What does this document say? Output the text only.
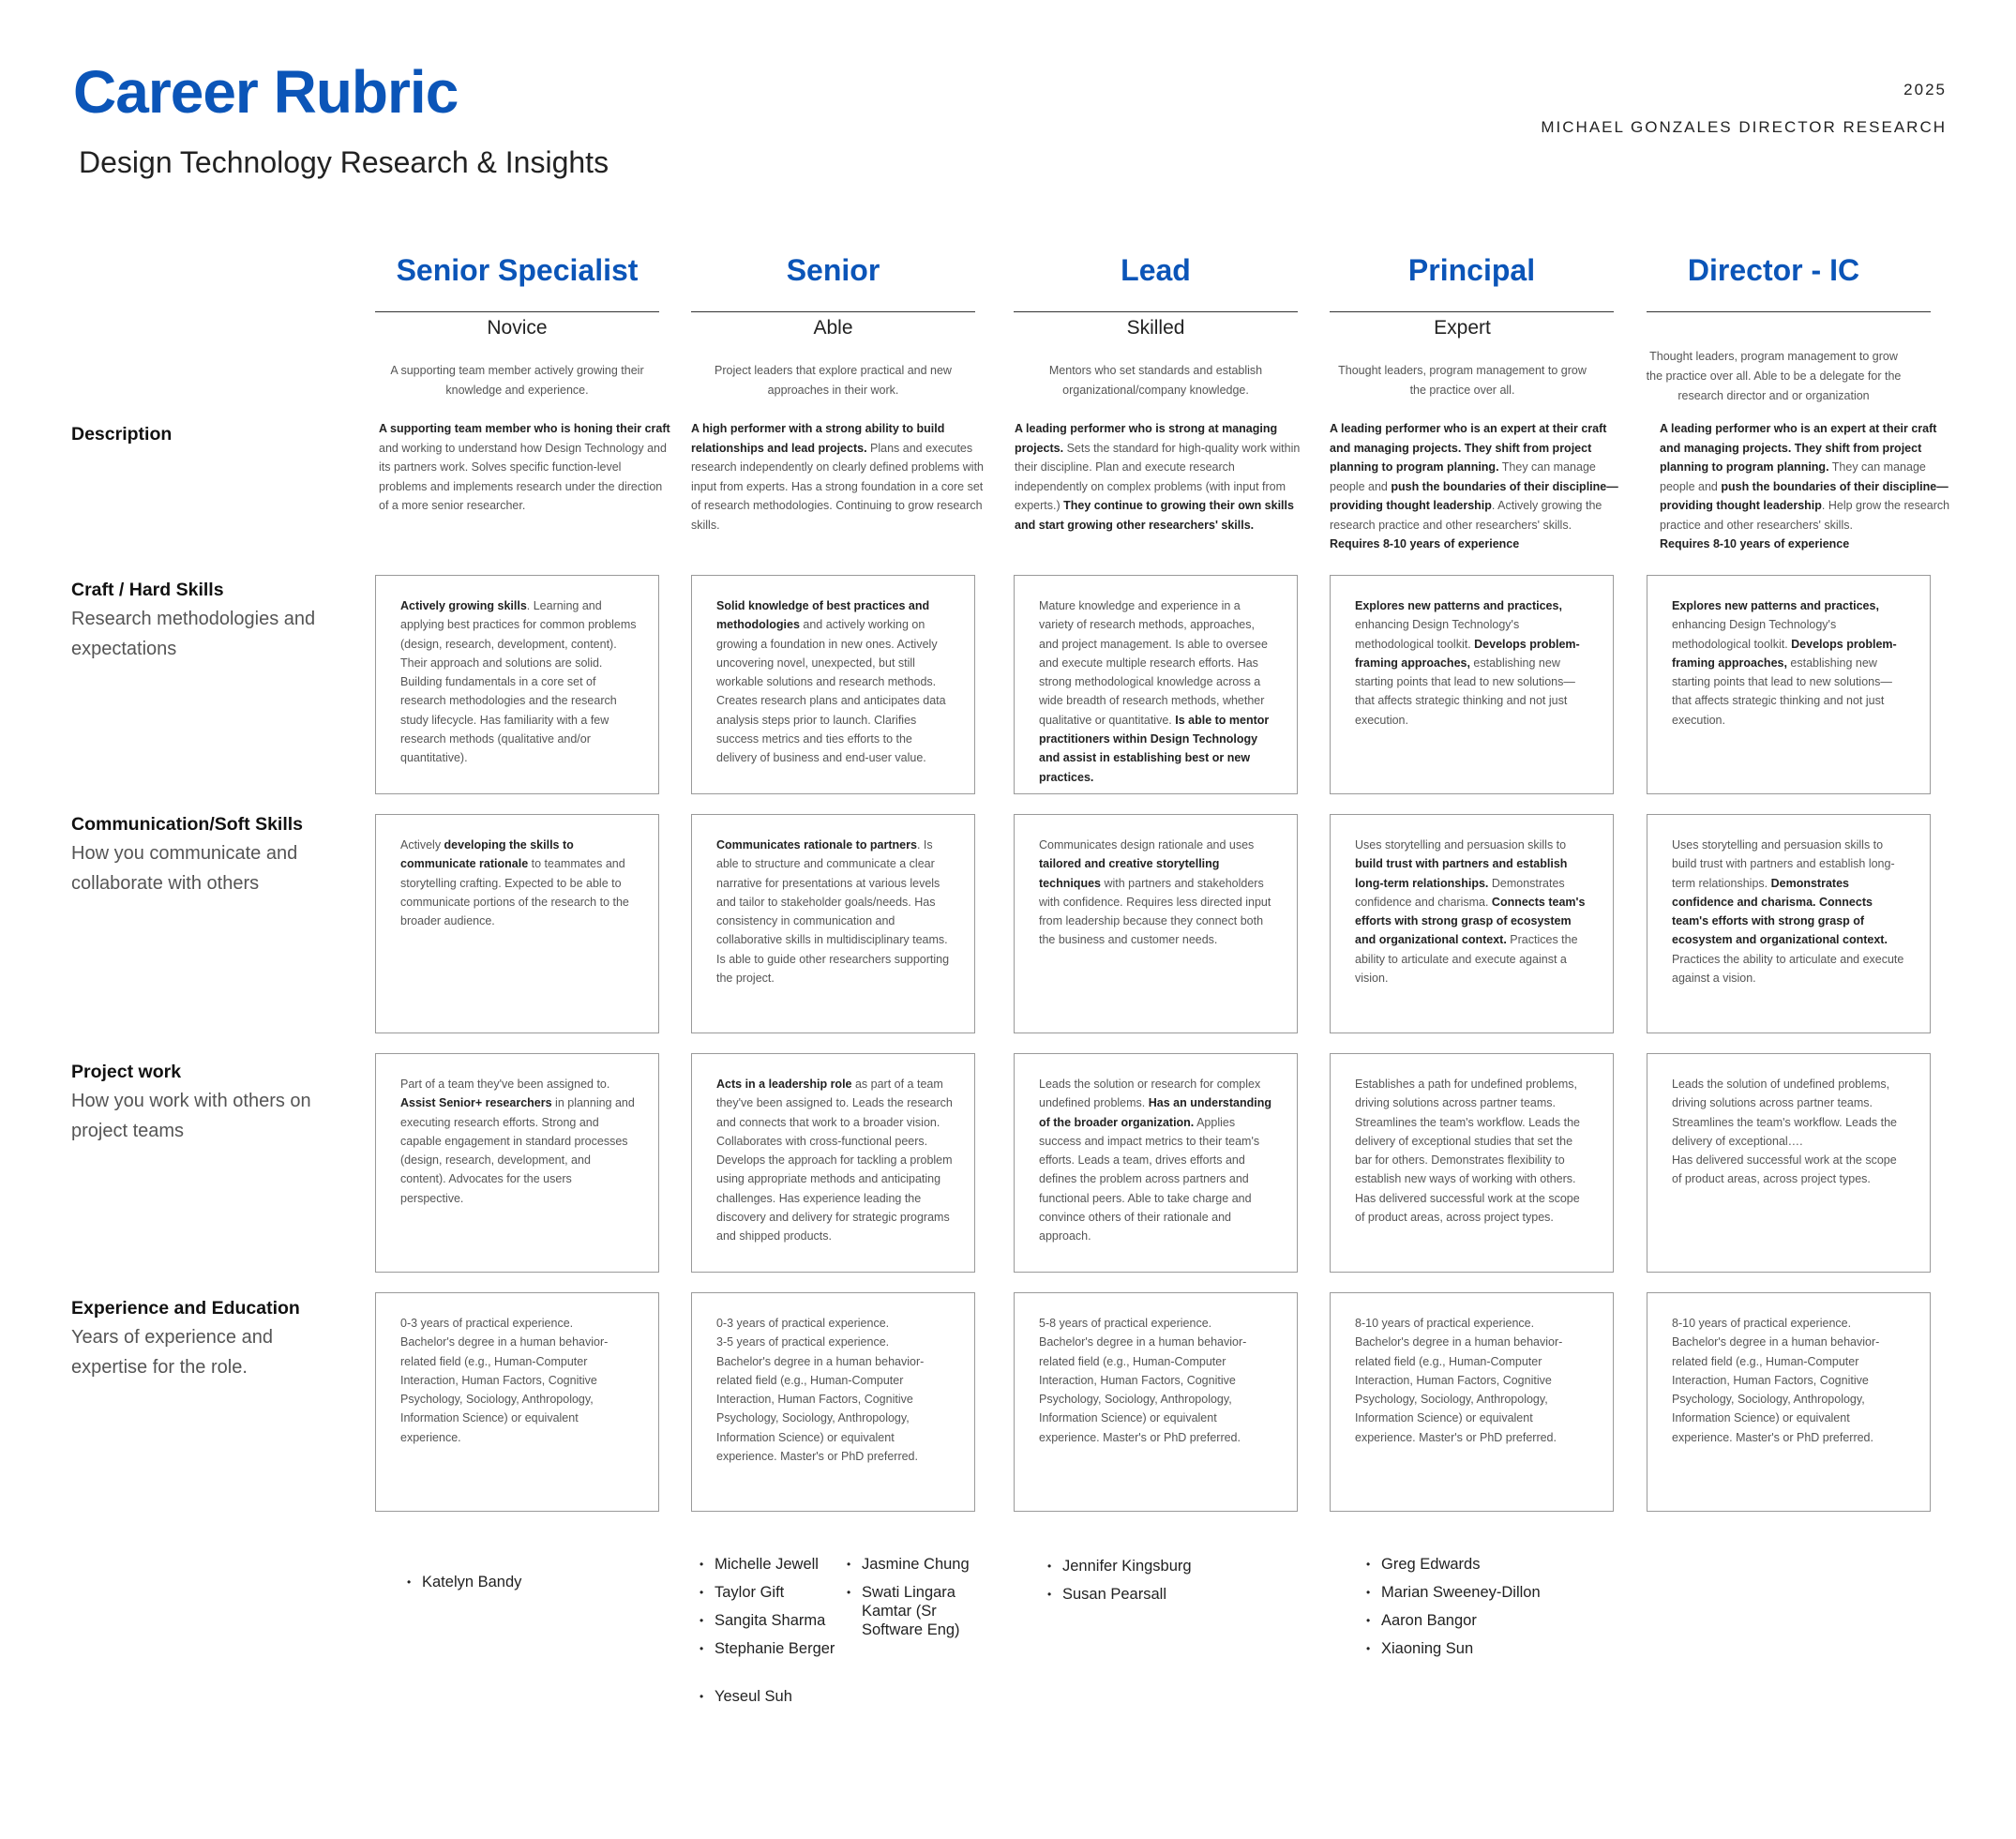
Career Rubric
Design Technology Research & Insights
2025
MICHAEL GONZALES DIRECTOR RESEARCH
Description
Craft / Hard Skills
Research methodologies and expectations
Communication/Soft Skills
How you communicate and collaborate with others
Project work
How you work with others on project teams
Experience and Education
Years of experience and expertise for the role.
Senior Specialist
Novice
A supporting team member actively growing their knowledge and experience.
A supporting team member who is honing their craft and working to understand how Design Technology and its partners work. Solves specific function-level problems and implements research under the direction of a more senior researcher.
Actively growing skills. Learning and applying best practices for common problems (design, research, development, content). Their approach and solutions are solid. Building fundamentals in a core set of research methodologies and the research study lifecycle. Has familiarity with a few research methods (qualitative and/or quantitative).
Actively developing the skills to communicate rationale to teammates and storytelling crafting. Expected to be able to communicate portions of the research to the broader audience.
Part of a team they've been assigned to. Assist Senior+ researchers in planning and executing research efforts. Strong and capable engagement in standard processes (design, research, development, and content). Advocates for the users perspective.
0-3 years of practical experience.
Bachelor's degree in a human behavior-related field (e.g., Human-Computer Interaction, Human Factors, Cognitive Psychology, Sociology, Anthropology, Information Science) or equivalent experience.
Senior
Able
Project leaders that explore practical and new approaches in their work.
A high performer with a strong ability to build relationships and lead projects. Plans and executes research independently on clearly defined problems with input from experts. Has a strong foundation in a core set of research methodologies. Continuing to grow research skills.
Solid knowledge of best practices and methodologies and actively working on growing a foundation in new ones. Actively uncovering novel, unexpected, but still workable solutions and research methods. Creates research plans and anticipates data analysis steps prior to launch. Clarifies success metrics and ties efforts to the delivery of business and end-user value.
Communicates rationale to partners. Is able to structure and communicate a clear narrative for presentations at various levels and tailor to stakeholder goals/needs. Has consistency in communication and collaborative skills in multidisciplinary teams. Is able to guide other researchers supporting the project.
Acts in a leadership role as part of a team they've been assigned to. Leads the research and connects that work to a broader vision. Collaborates with cross-functional peers. Develops the approach for tackling a problem using appropriate methods and anticipating challenges. Has experience leading the discovery and delivery for strategic programs and shipped products.
0-3 years of practical experience.
3-5 years of practical experience.
Bachelor's degree in a human behavior-related field (e.g., Human-Computer Interaction, Human Factors, Cognitive Psychology, Sociology, Anthropology, Information Science) or equivalent experience. Master's or PhD preferred.
Lead
Skilled
Mentors who set standards and establish organizational/company knowledge.
A leading performer who is strong at managing projects. Sets the standard for high-quality work within their discipline. Plan and execute research independently on complex problems (with input from experts.) They continue to growing their own skills and start growing other researchers' skills.
Mature knowledge and experience in a variety of research methods, approaches, and project management. Is able to oversee and execute multiple research efforts. Has strong methodological knowledge across a wide breadth of research methods, whether qualitative or quantitative. Is able to mentor practitioners within Design Technology and assist in establishing best or new practices.
Communicates design rationale and uses tailored and creative storytelling techniques with partners and stakeholders with confidence. Requires less directed input from leadership because they connect both the business and customer needs.
Leads the solution or research for complex undefined problems. Has an understanding of the broader organization. Applies success and impact metrics to their team's efforts. Leads a team, drives efforts and defines the problem across partners and functional peers. Able to take charge and convince others of their rationale and approach.
5-8 years of practical experience.
Bachelor's degree in a human behavior-related field (e.g., Human-Computer Interaction, Human Factors, Cognitive Psychology, Sociology, Anthropology, Information Science) or equivalent experience. Master's or PhD preferred.
Principal
Expert
Thought leaders, program management to grow the practice over all.
A leading performer who is an expert at their craft and managing projects. They shift from project planning to program planning. They can manage people and push the boundaries of their discipline—providing thought leadership. Actively growing the research practice and other researchers' skills.
Requires 8-10 years of experience
Explores new patterns and practices, enhancing Design Technology's methodological toolkit. Develops problem-framing approaches, establishing new starting points that lead to new solutions—that affects strategic thinking and not just execution.
Uses storytelling and persuasion skills to build trust with partners and establish long-term relationships. Demonstrates confidence and charisma. Connects team's efforts with strong grasp of ecosystem and organizational context. Practices the ability to articulate and execute against a vision.
Establishes a path for undefined problems, driving solutions across partner teams. Streamlines the team's workflow. Leads the delivery of exceptional studies that set the bar for others. Demonstrates flexibility to establish new ways of working with others. Has delivered successful work at the scope of product areas, across project types.
8-10 years of practical experience.
Bachelor's degree in a human behavior-related field (e.g., Human-Computer Interaction, Human Factors, Cognitive Psychology, Sociology, Anthropology, Information Science) or equivalent experience. Master's or PhD preferred.
Director - IC
Thought leaders, program management to grow the practice over all. Able to be a delegate for the research director and or organization
A leading performer who is an expert at their craft and managing projects. They shift from project planning to program planning. They can manage people and push the boundaries of their discipline—providing thought leadership. Help grow the research practice and other researchers' skills.
Requires 8-10 years of experience
Explores new patterns and practices, enhancing Design Technology's methodological toolkit. Develops problem-framing approaches, establishing new starting points that lead to new solutions—that affects strategic thinking and not just execution.
Uses storytelling and persuasion skills to build trust with partners and establish long-term relationships. Demonstrates confidence and charisma. Connects team's efforts with strong grasp of ecosystem and organizational context. Practices the ability to articulate and execute against a vision.
Leads the solution of undefined problems, driving solutions across partner teams. Streamlines the team's workflow. Leads the delivery of exceptional….
Has delivered successful work at the scope of product areas, across project types.
8-10 years of practical experience.
Bachelor's degree in a human behavior-related field (e.g., Human-Computer Interaction, Human Factors, Cognitive Psychology, Sociology, Anthropology, Information Science) or equivalent experience. Master's or PhD preferred.
• Katelyn Bandy
• Michelle Jewell
• Taylor Gift
• Sangita Sharma
• Stephanie Berger
• Jasmine Chung
• Swati Lingara Kamtar (Sr Software Eng)
• Yeseul Suh
• Jennifer Kingsburg
• Susan Pearsall
• Greg Edwards
• Marian Sweeney-Dillon
• Aaron Bangor
• Xiaoning Sun
